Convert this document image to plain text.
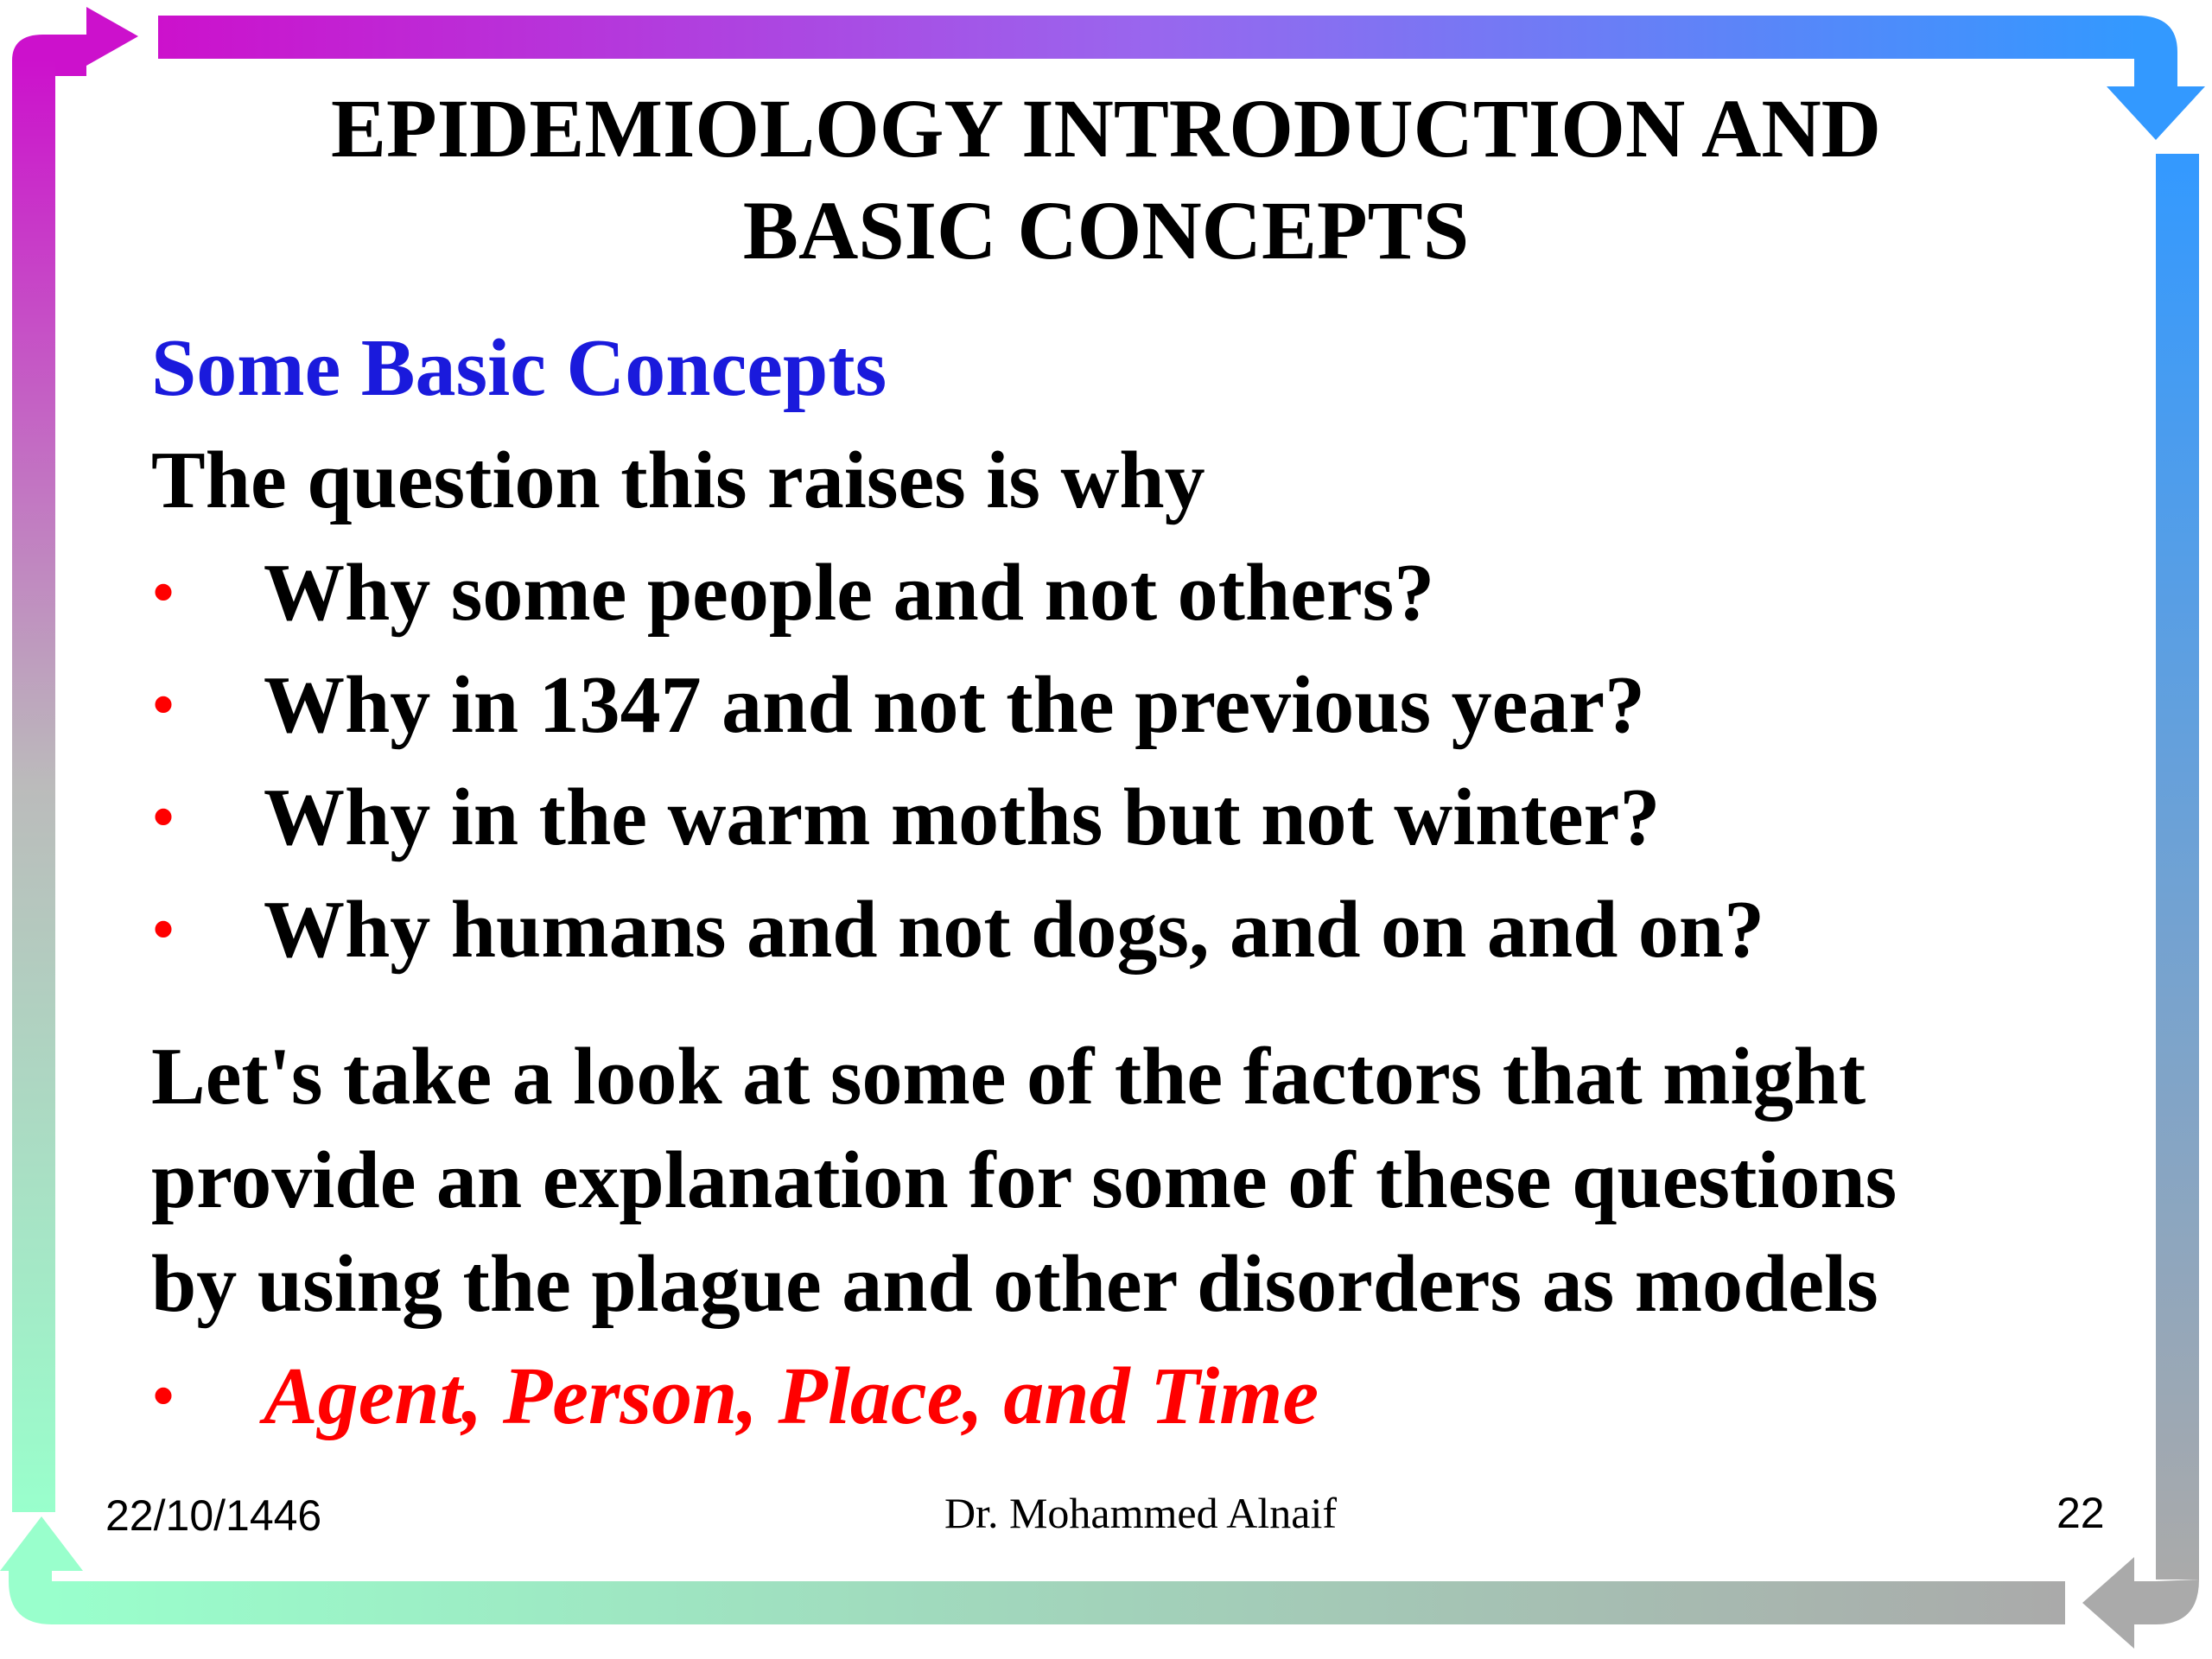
EPIDEMIOLOGY INTRODUCTION AND
BASIC CONCEPTS
Some Basic Concepts
The question this raises is why
• Why some people and not others?
• Why in 1347 and not the previous year?
• Why in the warm moths but not winter?
• Why humans and not dogs, and on and on?
Let's take a look at some of the factors that might
provide an explanation for some of these questions
by using the plague and other disorders as models
• Agent, Person, Place, and Time
22/10/1446	Dr. Mohammed Alnaif	22
